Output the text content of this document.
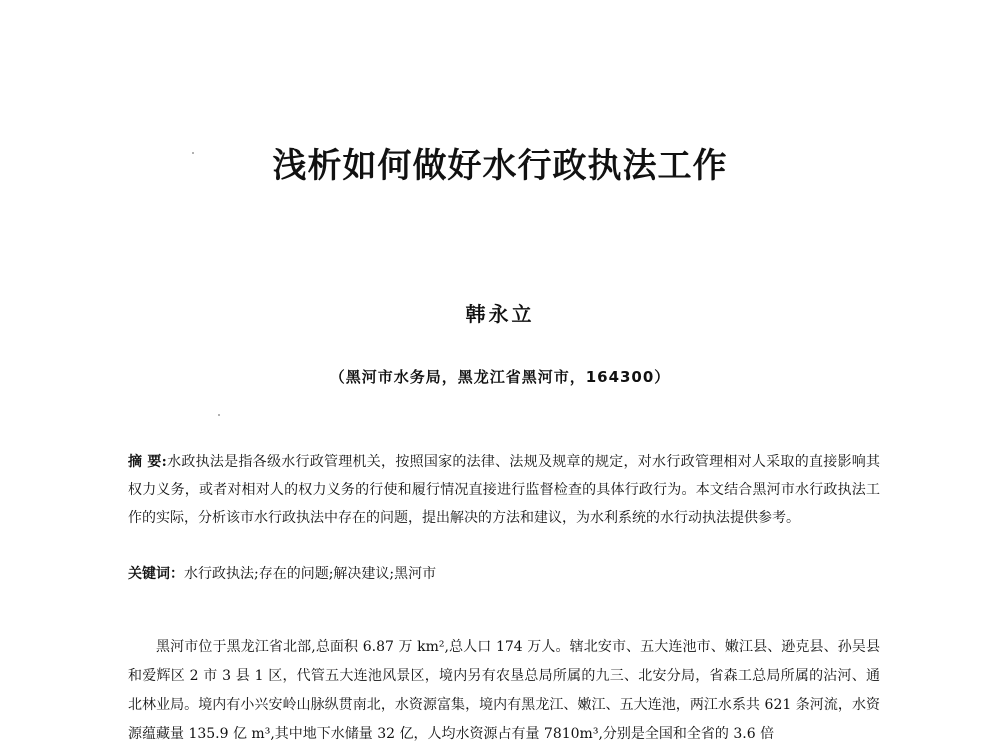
浅析如何做好水行政执法工作
韩永立
（黑河市水务局，黑龙江省黑河市，164300）
摘 要:水政执法是指各级水行政管理机关，按照国家的法律、法规及规章的规定，对水行政管理相对人采取的直接影响其权力义务，或者对相对人的权力义务的行使和履行情况直接进行监督检查的具体行政行为。本文结合黑河市水行政执法工作的实际，分析该市水行政执法中存在的问题，提出解决的方法和建议，为水利系统的水行动执法提供参考。
关键词：水行政执法;存在的问题;解决建议;黑河市
黑河市位于黑龙江省北部,总面积 6.87 万 km²,总人口 174 万人。辖北安市、五大连池市、嫩江县、逊克县、孙吴县和爱辉区 2 市 3 县 1 区，代管五大连池风景区，境内另有农垦总局所属的九三、北安分局，省森工总局所属的沾河、通北林业局。境内有小兴安岭山脉纵贯南北，水资源富集，境内有黑龙江、嫩江、五大连池，两江水系共 621 条河流，水资源蕴藏量 135.9 亿 m³,其中地下水储量 32 亿，人均水资源占有量 7810m³,分别是全国和全省的 3.6 倍
